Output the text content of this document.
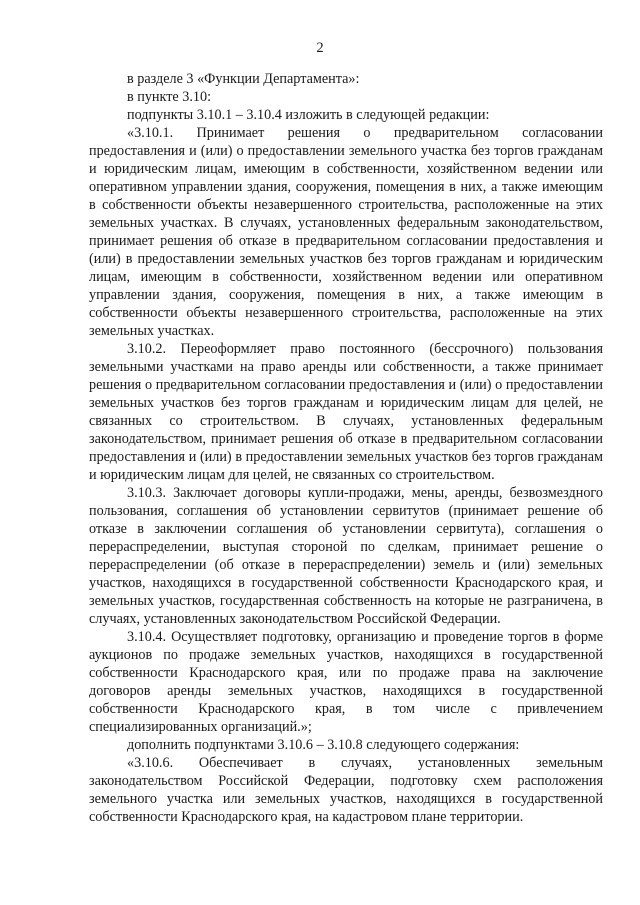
2

в разделе 3 «Функции Департамента»:

в пункте 3.10:

подпункты 3.10.1 – 3.10.4 изложить в следующей редакции:

«3.10.1. Принимает решения о предварительном согласовании предоставления и (или) о предоставлении земельного участка без торгов гражданам и юридическим лицам, имеющим в собственности, хозяйственном ведении или оперативном управлении здания, сооружения, помещения в них, а также имеющим в собственности объекты незавершенного строительства, расположенные на этих земельных участках. В случаях, установленных федеральным законодательством, принимает решения об отказе в предварительном согласовании предоставления и (или) в предоставлении земельных участков без торгов гражданам и юридическим лицам, имеющим в собственности, хозяйственном ведении или оперативном управлении здания, сооружения, помещения в них, а также имеющим в собственности объекты незавершенного строительства, расположенные на этих земельных участках.

3.10.2. Переоформляет право постоянного (бессрочного) пользования земельными участками на право аренды или собственности, а также принимает решения о предварительном согласовании предоставления и (или) о предоставлении земельных участков без торгов гражданам и юридическим лицам для целей, не связанных со строительством. В случаях, установленных федеральным законодательством, принимает решения об отказе в предварительном согласовании предоставления и (или) в предоставлении земельных участков без торгов гражданам и юридическим лицам для целей, не связанных со строительством.

3.10.3. Заключает договоры купли-продажи, мены, аренды, безвозмездного пользования, соглашения об установлении сервитутов (принимает решение об отказе в заключении соглашения об установлении сервитута), соглашения о перераспределении, выступая стороной по сделкам, принимает решение о перераспределении (об отказе в перераспределении) земель и (или) земельных участков, находящихся в государственной собственности Краснодарского края, и земельных участков, государственная собственность на которые не разграничена, в случаях, установленных законодательством Российской Федерации.

3.10.4. Осуществляет подготовку, организацию и проведение торгов в форме аукционов по продаже земельных участков, находящихся в государственной собственности Краснодарского края, или по продаже права на заключение договоров аренды земельных участков, находящихся в государственной собственности Краснодарского края, в том числе с привлечением специализированных организаций.»;

дополнить подпунктами 3.10.6 – 3.10.8 следующего содержания:

«3.10.6. Обеспечивает в случаях, установленных земельным законодательством Российской Федерации, подготовку схем расположения земельного участка или земельных участков, находящихся в государственной собственности Краснодарского края, на кадастровом плане территории.
